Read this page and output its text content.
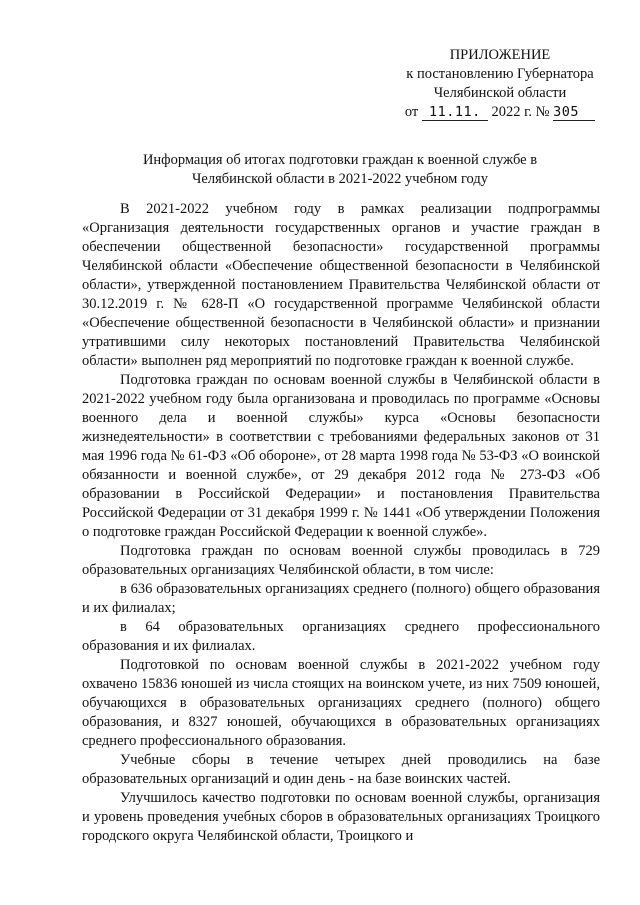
ПРИЛОЖЕНИЕ
к постановлению Губернатора
Челябинской области
от 11.11. 2022 г. № 305
Информация об итогах подготовки граждан к военной службе в
Челябинской области в 2021-2022 учебном году

В 2021-2022 учебном году в рамках реализации подпрограммы «Организация деятельности государственных органов и участие граждан в обеспечении общественной безопасности» государственной программы Челябинской области «Обеспечение общественной безопасности в Челябинской области», утвержденной постановлением Правительства Челябинской области от 30.12.2019 г. № 628-П «О государственной программе Челябинской области «Обеспечение общественной безопасности в Челябинской области» и признании утратившими силу некоторых постановлений Правительства Челябинской области» выполнен ряд мероприятий по подготовке граждан к военной службе.

Подготовка граждан по основам военной службы в Челябинской области в 2021-2022 учебном году была организована и проводилась по программе «Основы военного дела и военной службы» курса «Основы безопасности жизнедеятельности» в соответствии с требованиями федеральных законов от 31 мая 1996 года № 61-ФЗ «Об обороне», от 28 марта 1998 года № 53-ФЗ «О воинской обязанности и военной службе», от 29 декабря 2012 года № 273-ФЗ «Об образовании в Российской Федерации» и постановления Правительства Российской Федерации от 31 декабря 1999 г. № 1441 «Об утверждении Положения о подготовке граждан Российской Федерации к военной службе».

Подготовка граждан по основам военной службы проводилась в 729 образовательных организациях Челябинской области, в том числе:

в 636 образовательных организациях среднего (полного) общего образования и их филиалах;

в 64 образовательных организациях среднего профессионального образования и их филиалах.

Подготовкой по основам военной службы в 2021-2022 учебном году охвачено 15836 юношей из числа стоящих на воинском учете, из них 7509 юношей, обучающихся в образовательных организациях среднего (полного) общего образования, и 8327 юношей, обучающихся в образовательных организациях среднего профессионального образования.

Учебные сборы в течение четырех дней проводились на базе образовательных организаций и один день - на базе воинских частей.

Улучшилось качество подготовки по основам военной службы, организация и уровень проведения учебных сборов в образовательных организациях Троицкого городского округа Челябинской области, Троицкого и
